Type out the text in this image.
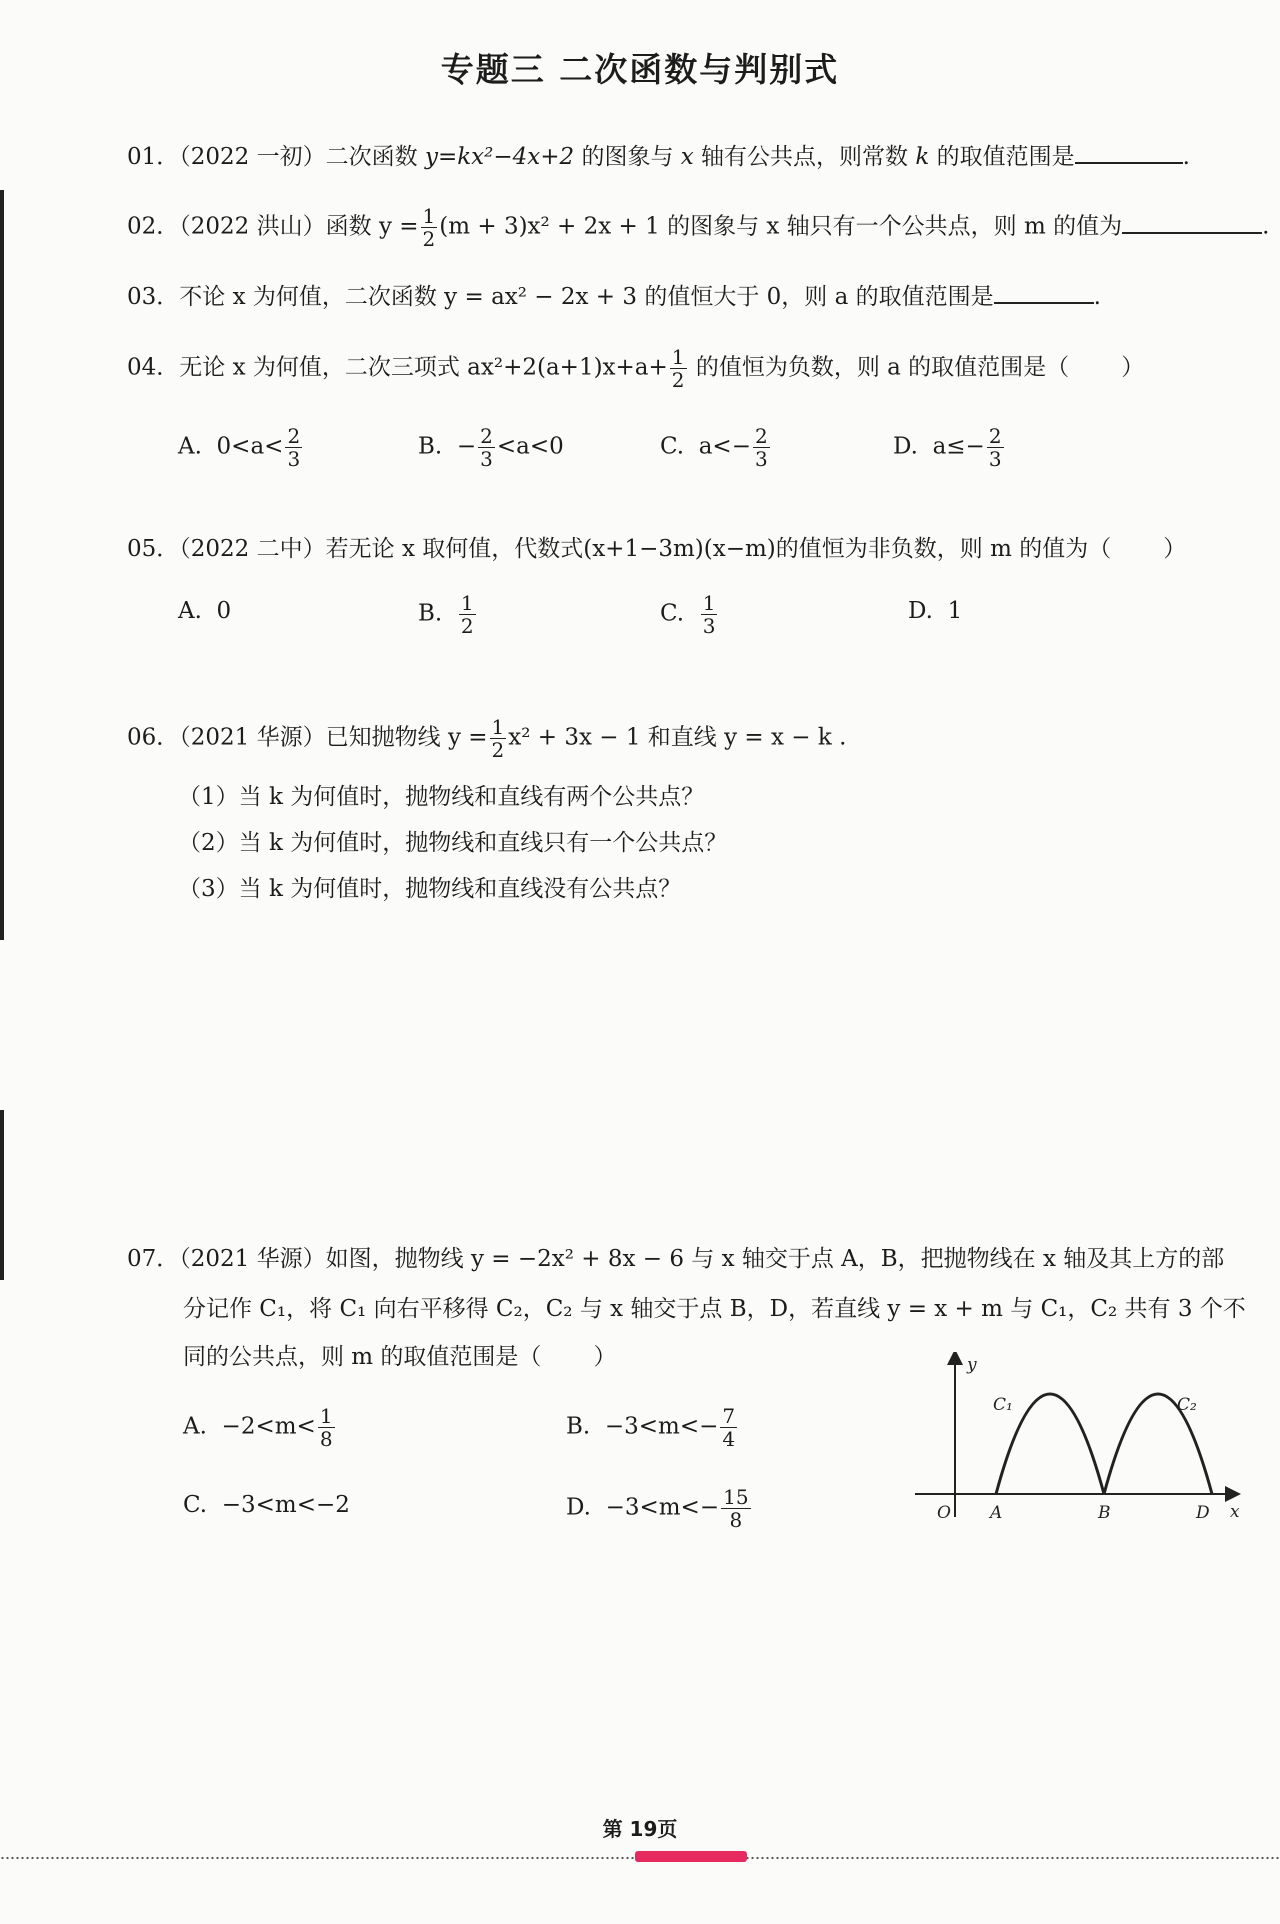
专题三 二次函数与判别式
01．（2022 一初）二次函数 y=kx²−4x+2 的图象与 x 轴有公共点，则常数 k 的取值范围是	.
02．（2022 洪山）函数 $y = \frac{1}{2} (m + 3)x^2 + 2x + 1$ 的图象与 x 轴只有一个公共点，则 m 的值为	.
03．不论 x 为何值，二次函数 y = ax² − 2x + 3 的值恒大于 0，则 a 的取值范围是	.
04．无论 x 为何值，二次三项式 $ax^2+2(a+1)x+a+ \frac{1}{2}$ 的值恒为负数，则 a 的取值范围是（ ）
A. $0<a< \frac{2}{3}$	B. − $\frac{2}{3} <a<0$	C. $a<- \frac{2}{3}$	D. $a\le- \frac{2}{3}$
05．（2022 二中）若无论 x 取何值，代数式(x+1−3m)(x−m)的值恒为非负数，则 m 的值为（ ）
A. 0	B. $\frac{1}{2}$	C. $\frac{1}{3}$	D. 1
06．（2021 华源）已知抛物线 $y = \frac{1}{2} x^2 + 3x - 1$ 和直线 y = x − k .
（1）当 k 为何值时，抛物线和直线有两个公共点？
（2）当 k 为何值时，抛物线和直线只有一个公共点？
（3）当 k 为何值时，抛物线和直线没有公共点？
07．（2021 华源）如图，抛物线 y = −2x² + 8x − 6 与 x 轴交于点 A，B，把抛物线在 x 轴及其上方的部
分记作 C₁，将 C₁ 向右平移得 C₂，C₂ 与 x 轴交于点 B，D，若直线 y = x + m 与 C₁，C₂ 共有 3 个不
同的公共点，则 m 的取值范围是（ ）
A. $-2<m< \frac{1}{8}$	B. $-3<m<- \frac{7}{4}$
C. −3<m<−2	D. $-3<m<- \frac{15}{8}$
y
x
O A	B	D
C₁	C₂
第 19页
